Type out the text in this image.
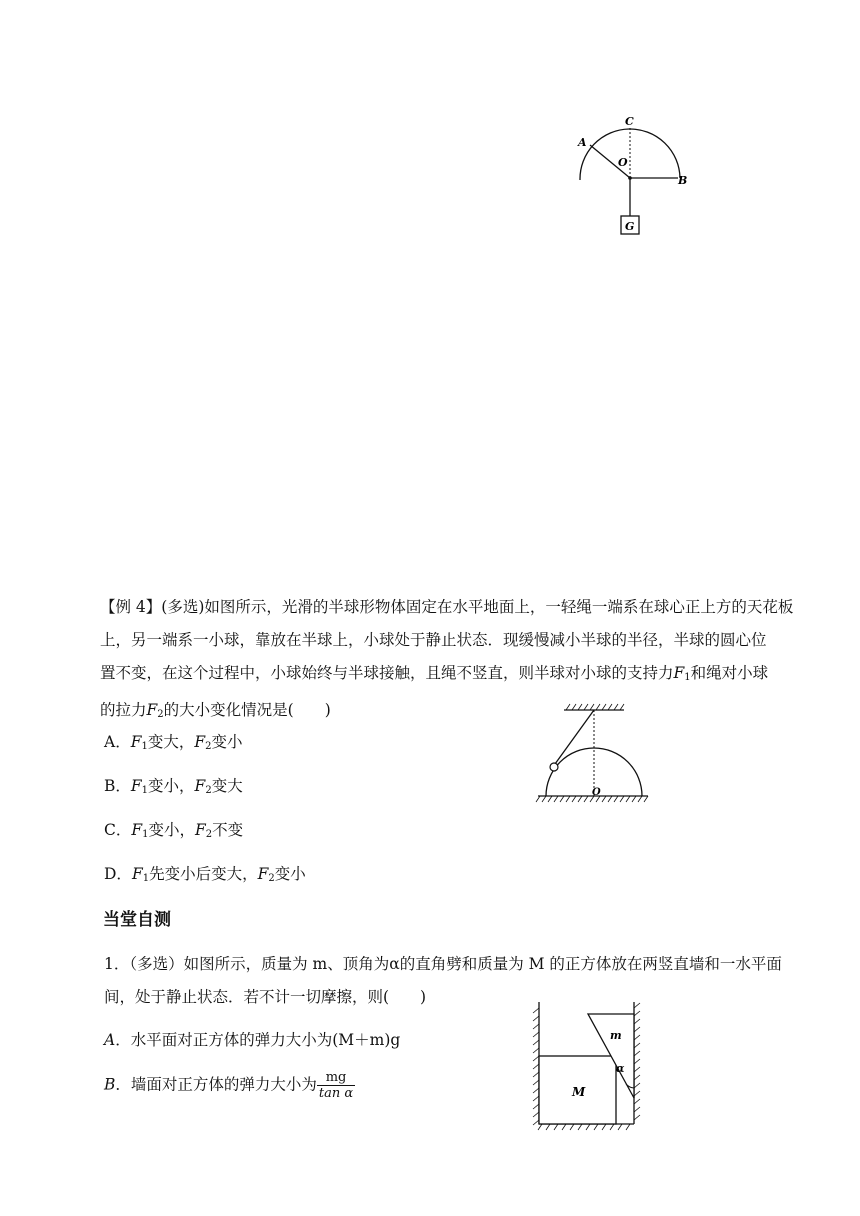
A
C
O
B
G
【例 4】(多选)如图所示，光滑的半球形物体固定在水平地面上，一轻绳一端系在球心正上方的天花板
上，另一端系一小球，靠放在半球上，小球处于静止状态．现缓慢减小半球的半径，半球的圆心位
置不变，在这个过程中，小球始终与半球接触，且绳不竖直，则半球对小球的支持力$F_1$和绳对小球
的拉力$F_2$的大小变化情况是(　　)
A．$F_1$变大，$F_2$变小
B．$F_1$变小，$F_2$变大
C．$F_1$变小，$F_2$不变
D．$F_1$先变小后变大，$F_2$变小
O
当堂自测
1．（多选）如图所示，质量为 m、顶角为α的直角劈和质量为 M 的正方体放在两竖直墙和一水平面
间，处于静止状态．若不计一切摩擦，则(　　)
A．水平面对正方体的弹力大小为(M＋m)g
B．墙面对正方体的弹力大小为 $\frac{mg}{\text{tan α}}$
m
α
M
